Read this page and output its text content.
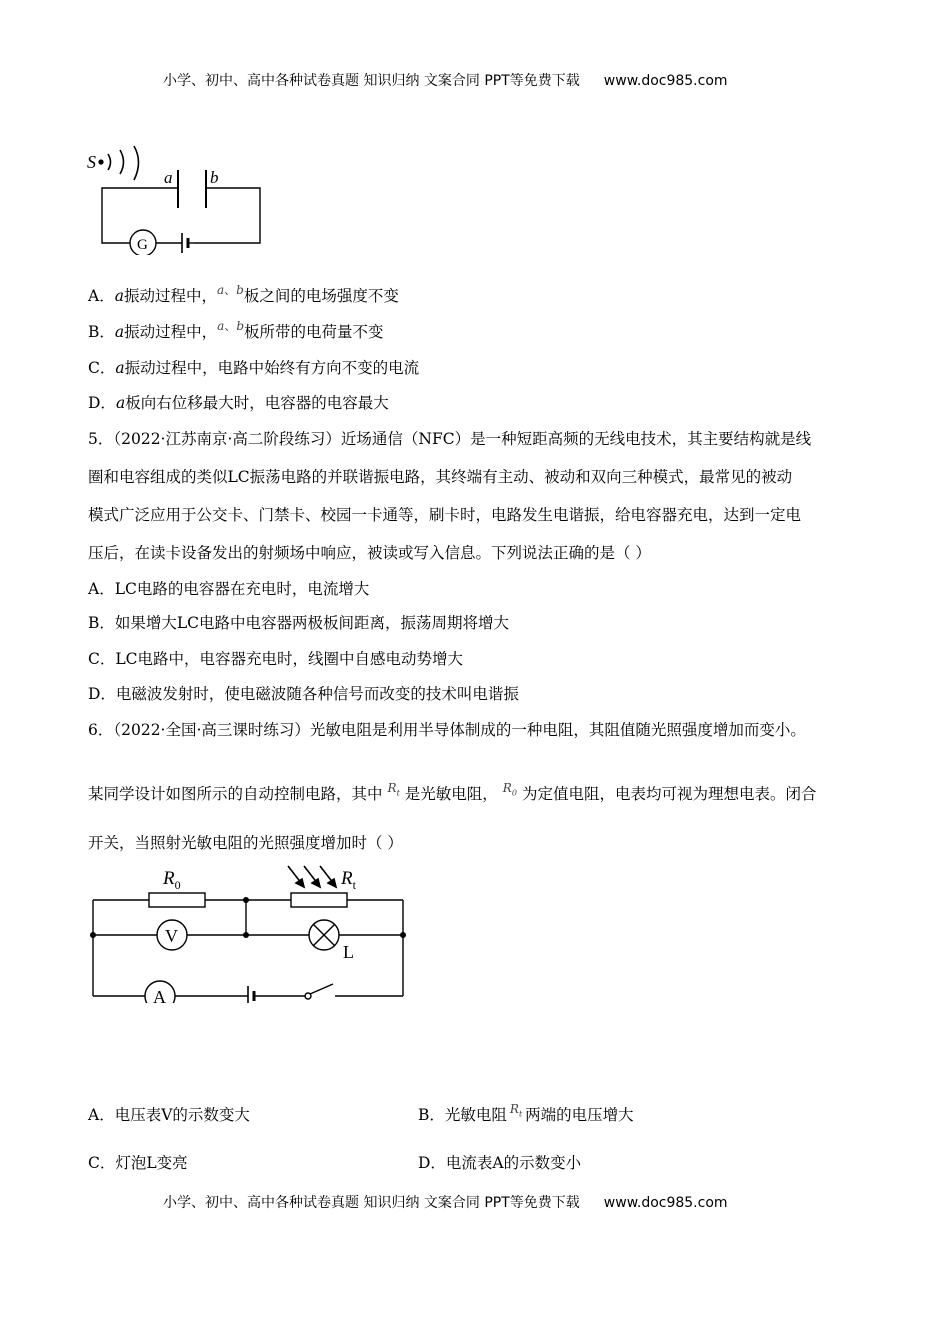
小学、初中、高中各种试卷真题 知识归纳 文案合同 PPT等免费下载 www.doc985.com
S
a b
G
A．a振动过程中，$^{a、b}$板之间的电场强度不变
B．a振动过程中，$^{a、b}$板所带的电荷量不变
C．a振动过程中，电路中始终有方向不变的电流
D．a板向右位移最大时，电容器的电容最大
5．（2022·江苏南京·高二阶段练习）近场通信（NFC）是一种短距高频的无线电技术，其主要结构就是线
圈和电容组成的类似LC振荡电路的并联谐振电路，其终端有主动、被动和双向三种模式，最常见的被动
模式广泛应用于公交卡、门禁卡、校园一卡通等，刷卡时，电路发生电谐振，给电容器充电，达到一定电
压后，在读卡设备发出的射频场中响应，被读或写入信息。下列说法正确的是（ ）
A．LC电路的电容器在充电时，电流增大
B．如果增大LC电路中电容器两极板间距离，振荡周期将增大
C．LC电路中，电容器充电时，线圈中自感电动势增大
D．电磁波发射时，使电磁波随各种信号而改变的技术叫电谐振
6．（2022·全国·高三课时练习）光敏电阻是利用半导体制成的一种电阻，其阻值随光照强度增加而变小。
某同学设计如图所示的自动控制电路，其中 $^{R_t}$ 是光敏电阻， $^{R_0}$ 为定值电阻，电表均可视为理想电表。闭合
开关，当照射光敏电阻的光照强度增加时（ ）
$R_0$	$R_t$
V
L
A
A．电压表V的示数变大	B．光敏电阻 $^{R_t}$ 两端的电压增大
C．灯泡L变亮	D．电流表A的示数变小
小学、初中、高中各种试卷真题 知识归纳 文案合同 PPT等免费下载 www.doc985.com
